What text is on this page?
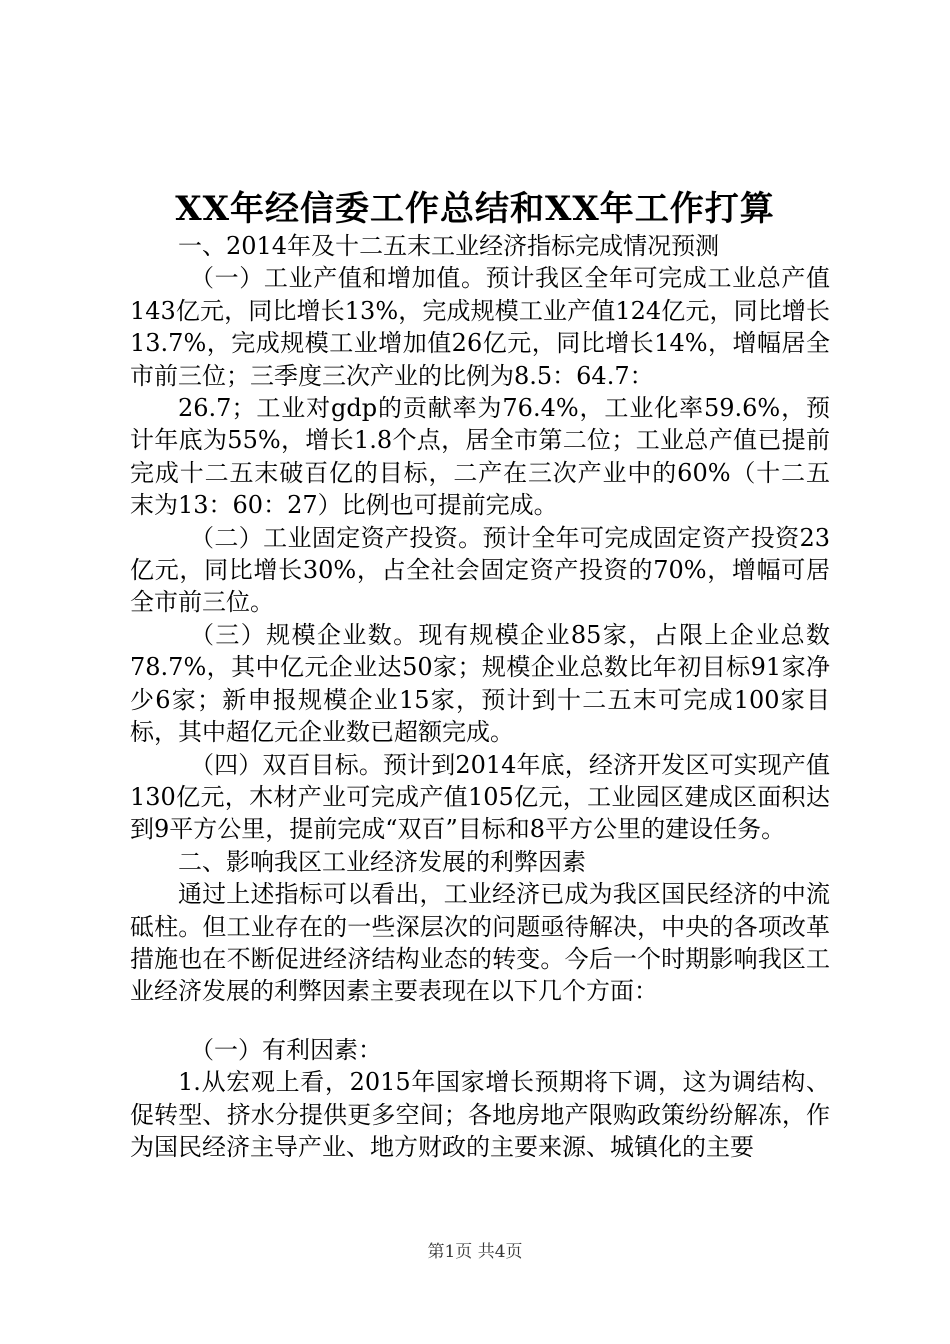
XX年经信委工作总结和XX年工作打算

一、2014年及十二五末工业经济指标完成情况预测

（一）工业产值和增加值。预计我区全年可完成工业总产值143亿元，同比增长13%，完成规模工业产值124亿元，同比增长13.7%，完成规模工业增加值26亿元，同比增长14%，增幅居全市前三位；三季度三次产业的比例为8.5：64.7：

26.7；工业对gdp的贡献率为76.4%，工业化率59.6%，预计年底为55%，增长1.8个点，居全市第二位；工业总产值已提前完成十二五末破百亿的目标，二产在三次产业中的60%（十二五末为13：60：27）比例也可提前完成。

（二）工业固定资产投资。预计全年可完成固定资产投资23亿元，同比增长30%，占全社会固定资产投资的70%，增幅可居全市前三位。

（三）规模企业数。现有规模企业85家，占限上企业总数78.7%，其中亿元企业达50家；规模企业总数比年初目标91家净少6家；新申报规模企业15家，预计到十二五末可完成100家目标，其中超亿元企业数已超额完成。

（四）双百目标。预计到2014年底，经济开发区可实现产值130亿元，木材产业可完成产值105亿元，工业园区建成区面积达到9平方公里，提前完成“双百”目标和8平方公里的建设任务。

二、影响我区工业经济发展的利弊因素

通过上述指标可以看出，工业经济已成为我区国民经济的中流砥柱。但工业存在的一些深层次的问题亟待解决，中央的各项改革措施也在不断促进经济结构业态的转变。今后一个时期影响我区工业经济发展的利弊因素主要表现在以下几个方面：

（一）有利因素：

1.从宏观上看，2015年国家增长预期将下调，这为调结构、促转型、挤水分提供更多空间；各地房地产限购政策纷纷解冻，作为国民经济主导产业、地方财政的主要来源、城镇化的主要

第1页 共4页
